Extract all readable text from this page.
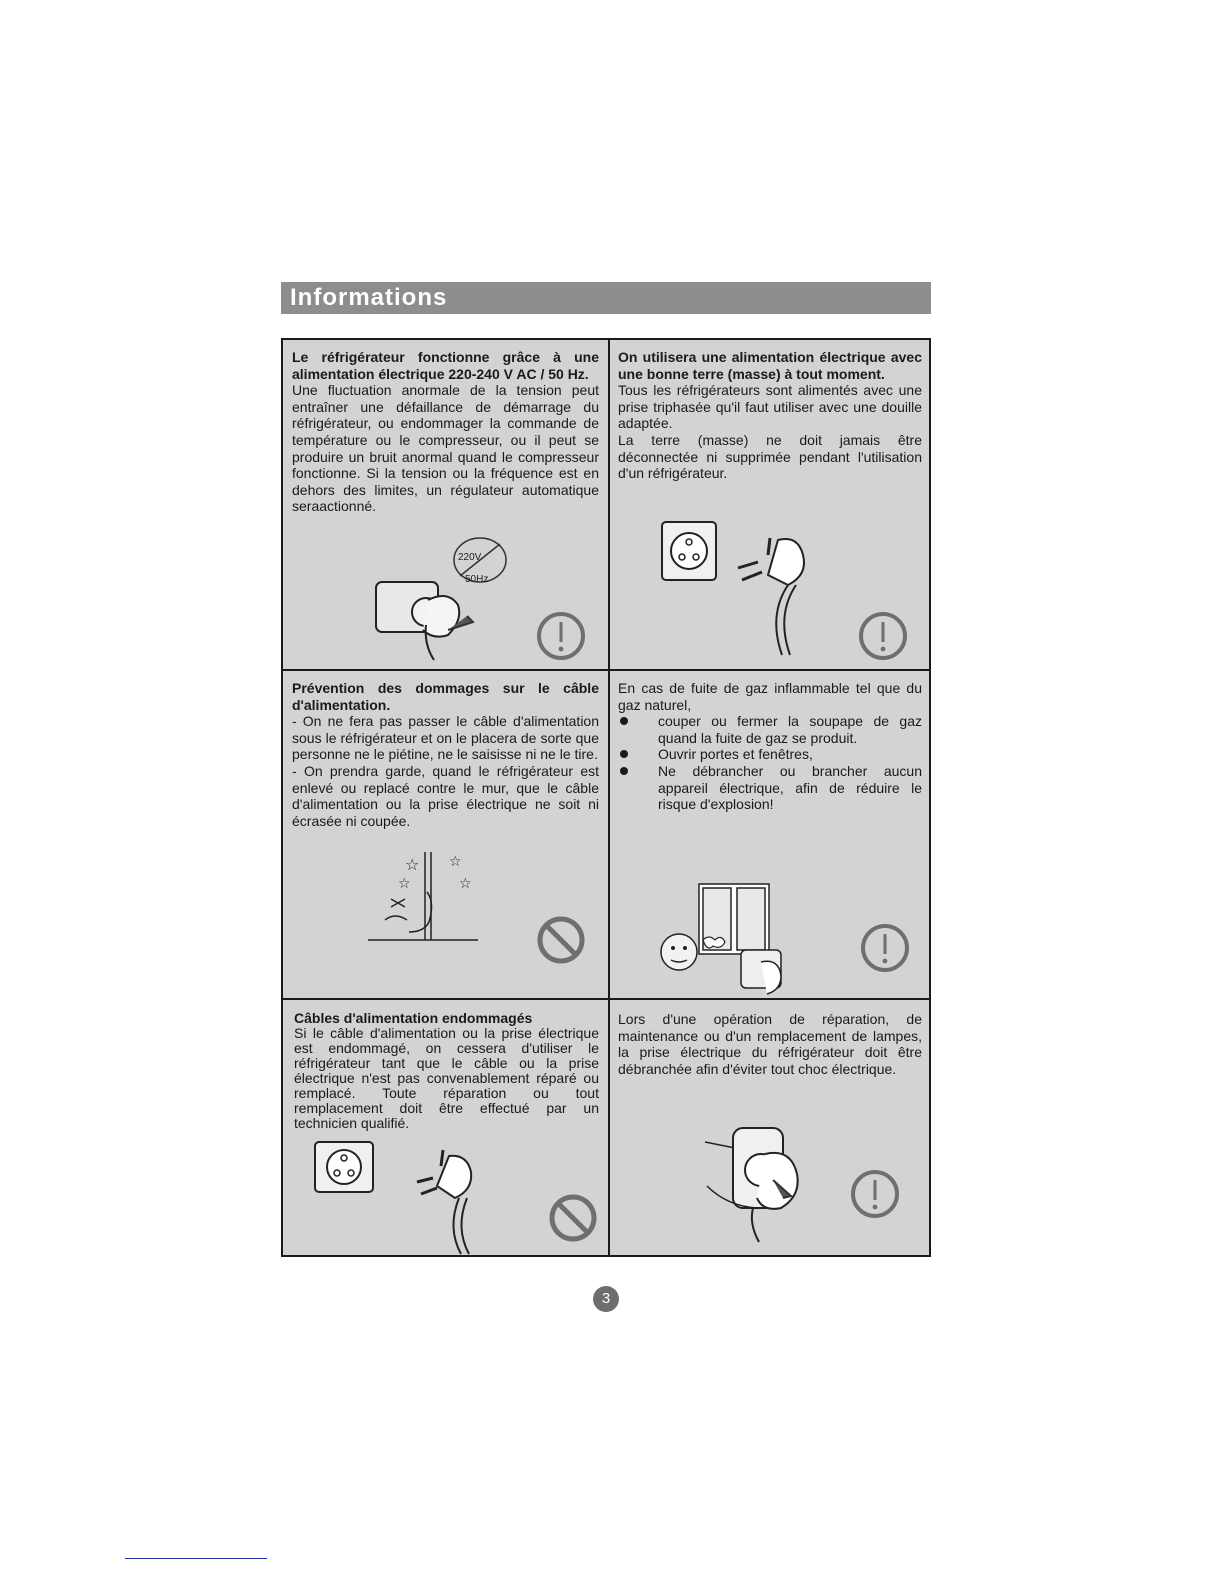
Informations

Le réfrigérateur fonctionne grâce à une alimentation électrique 220-240 V AC / 50 Hz.

Une fluctuation anormale de la tension peut entraîner une défaillance de démarrage du réfrigérateur, ou endommager la commande de température ou le compresseur, ou il peut se produire un bruit anormal quand le compresseur fonctionne. Si la tension ou la fréquence est en dehors des limites, un régulateur automatique seraactionné.

220V
50Hz

On utilisera une alimentation électrique avec une bonne terre (masse) à tout moment.

Tous les réfrigérateurs sont alimentés avec une prise triphasée qu'il faut utiliser avec une douille adaptée.

La terre (masse) ne doit jamais être déconnectée ni supprimée pendant l'utilisation d'un réfrigérateur.

Prévention des dommages sur le câble d'alimentation.

- On ne fera pas passer le câble d'alimentation sous le réfrigérateur et on le placera de sorte que personne ne le piétine, ne le saisisse ni ne le tire.

- On prendra garde, quand le réfrigérateur est enlevé ou replacé contre le mur, que le câble d'alimentation ou la prise électrique ne soit ni écrasée ni coupée.

☆
☆
☆
☆

En cas de fuite de gaz inflammable tel que du gaz naturel,

couper ou fermer la soupape de gaz quand la fuite de gaz se produit.
Ouvrir portes et fenêtres,
Ne débrancher ou brancher aucun appareil électrique, afin de réduire le risque d'explosion!

Câbles d'alimentation endommagés

Si le câble d'alimentation ou la prise électrique est endommagé, on cessera d'utiliser le réfrigérateur tant que le câble ou la prise électrique n'est pas convenablement réparé ou remplacé. Toute réparation ou tout remplacement doit être effectué par un technicien qualifié.

Lors d'une opération de réparation, de maintenance ou d'un remplacement de lampes, la prise électrique du réfrigérateur doit être débranchée afin d'éviter tout choc électrique.

3
